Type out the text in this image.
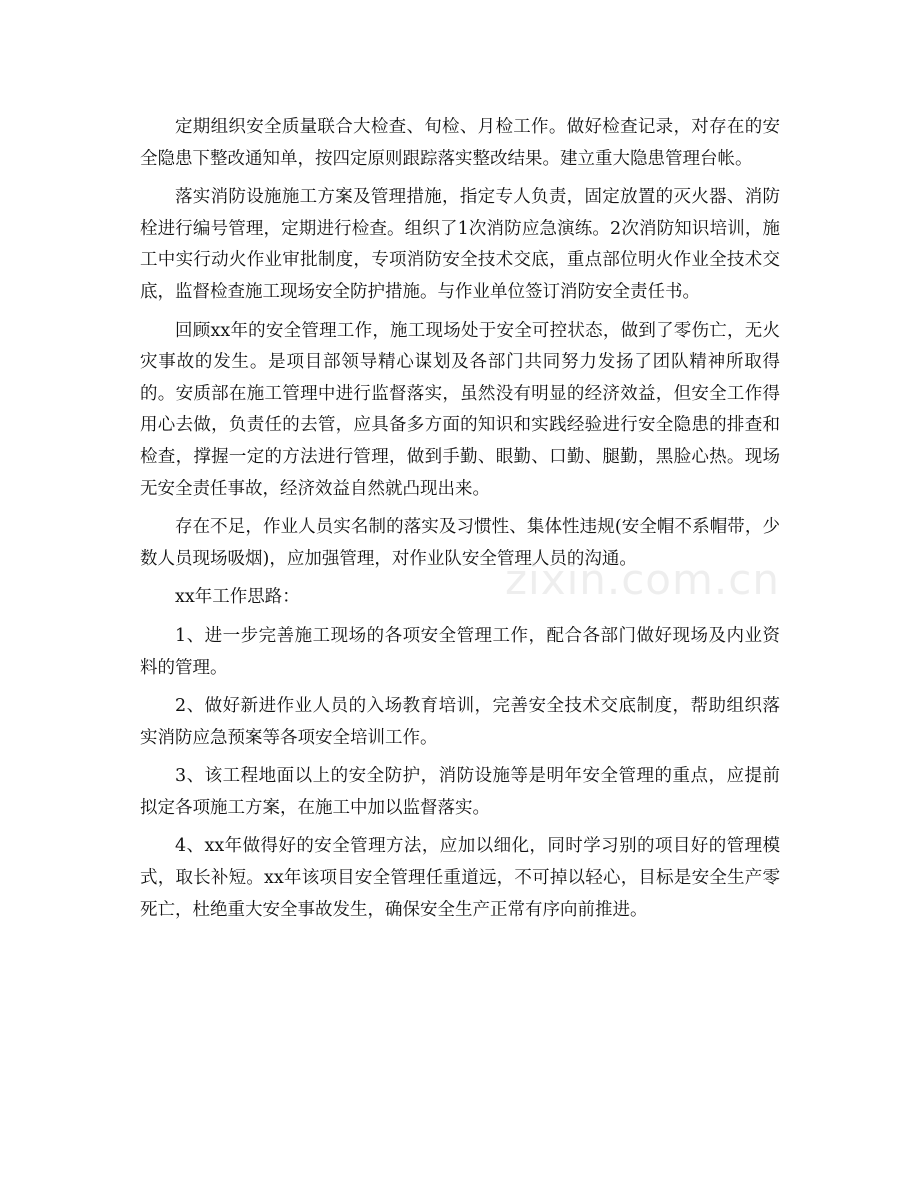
定期组织安全质量联合大检查、旬检、月检工作。做好检查记录，对存在的安全隐患下整改通知单，按四定原则跟踪落实整改结果。建立重大隐患管理台帐。

落实消防设施施工方案及管理措施，指定专人负责，固定放置的灭火器、消防栓进行编号管理，定期进行检查。组织了1次消防应急演练。2次消防知识培训，施工中实行动火作业审批制度，专项消防安全技术交底，重点部位明火作业全技术交底，监督检查施工现场安全防护措施。与作业单位签订消防安全责任书。

回顾xx年的安全管理工作，施工现场处于安全可控状态，做到了零伤亡，无火灾事故的发生。是项目部领导精心谋划及各部门共同努力发扬了团队精神所取得的。安质部在施工管理中进行监督落实，虽然没有明显的经济效益，但安全工作得用心去做，负责任的去管，应具备多方面的知识和实践经验进行安全隐患的排查和检查，撑握一定的方法进行管理，做到手勤、眼勤、口勤、腿勤，黑脸心热。现场无安全责任事故，经济效益自然就凸现出来。

存在不足，作业人员实名制的落实及习惯性、集体性违规(安全帽不系帽带，少数人员现场吸烟)，应加强管理，对作业队安全管理人员的沟通。

xx年工作思路：

1、进一步完善施工现场的各项安全管理工作，配合各部门做好现场及内业资料的管理。

2、做好新进作业人员的入场教育培训，完善安全技术交底制度，帮助组织落实消防应急预案等各项安全培训工作。

3、该工程地面以上的安全防护，消防设施等是明年安全管理的重点，应提前拟定各项施工方案，在施工中加以监督落实。

4、xx年做得好的安全管理方法，应加以细化，同时学习别的项目好的管理模式，取长补短。xx年该项目安全管理任重道远，不可掉以轻心，目标是安全生产零死亡，杜绝重大安全事故发生，确保安全生产正常有序向前推进。

zixin.com.cn
